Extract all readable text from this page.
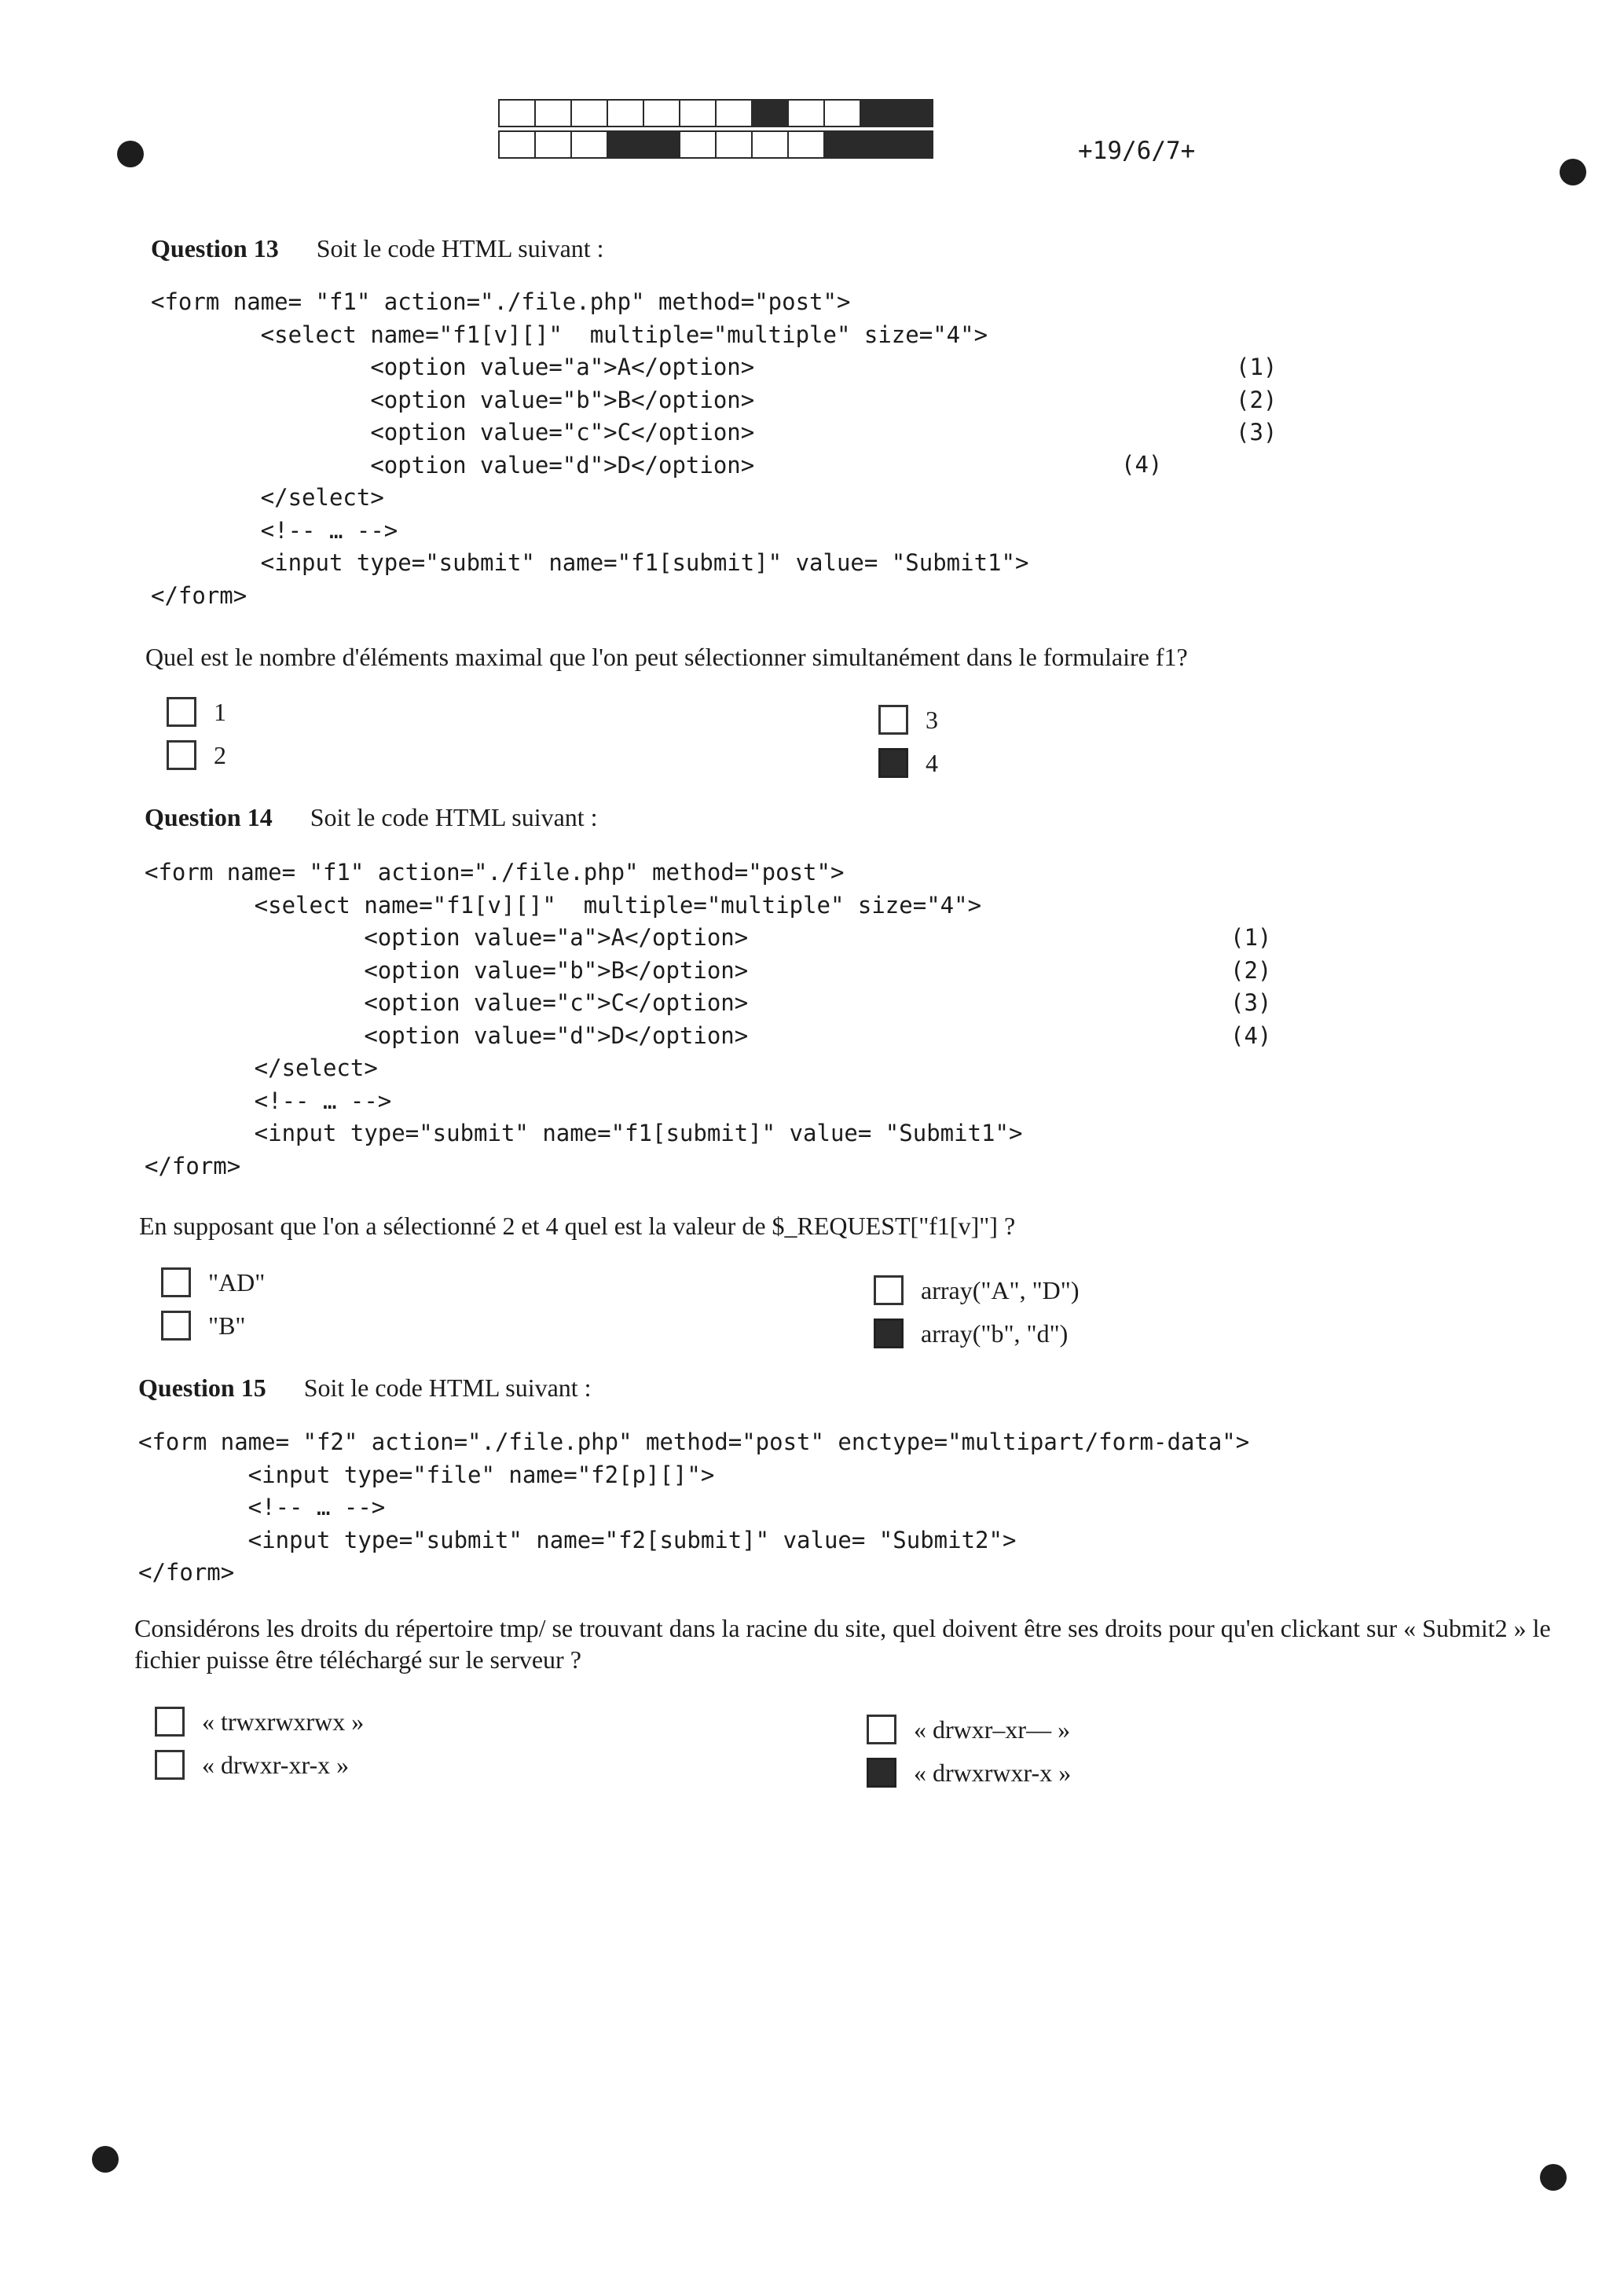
+19/6/7+
Question 13 Soit le code HTML suivant :
<form name= "f1" action="./file.php" method="post">
<select name="f1[v][]"  multiple="multiple" size="4">
<option value="a">A</option>
<option value="b">B</option>
<option value="c">C</option>
<option value="d">D</option>
</select>
<!-- … -->
<input type="submit" name="f1[submit]" value= "Submit1">
</form>
(1)
(2)
(3)
(4)
Quel est le nombre d'éléments maximal que l'on peut sélectionner simultanément dans le formulaire f1?
1
2
3
4
Question 14 Soit le code HTML suivant :
<form name= "f1" action="./file.php" method="post">
<select name="f1[v][]"  multiple="multiple" size="4">
<option value="a">A</option>
<option value="b">B</option>
<option value="c">C</option>
<option value="d">D</option>
</select>
<!-- … -->
<input type="submit" name="f1[submit]" value= "Submit1">
</form>
(1)
(2)
(3)
(4)
En supposant que l'on a sélectionné 2 et 4 quel est la valeur de $_REQUEST["f1[v]"] ?
"AD"
"B"
array("A", "D")
array("b", "d")
Question 15 Soit le code HTML suivant :
<form name= "f2" action="./file.php" method="post" enctype="multipart/form-data">
<input type="file" name="f2[p][]">
<!-- … -->
<input type="submit" name="f2[submit]" value= "Submit2">
</form>
Considérons les droits du répertoire tmp/ se trouvant dans la racine du site, quel doivent être ses droits pour qu'en clickant sur « Submit2 » le fichier puisse être téléchargé sur le serveur ?
« trwxrwxrwx »
« drwxr-xr-x »
« drwxr–xr–– »
« drwxrwxr-x »
